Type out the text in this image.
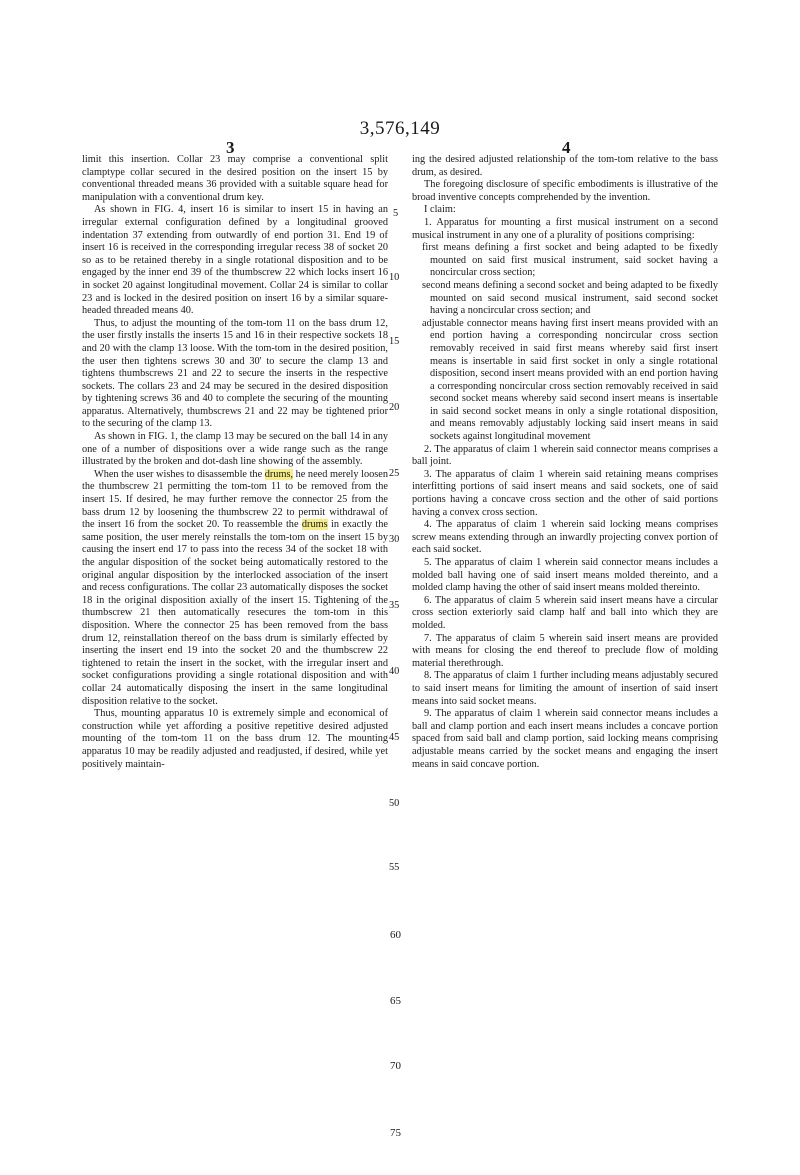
3,576,149
3	4

limit this insertion. Collar 23 may comprise a conventional split clamptype collar secured in the desired position on the insert 15 by conventional threaded means 36 provided with a suitable square head for manipulation with a conventional drum key.

As shown in FIG. 4, insert 16 is similar to insert 15 in having an irregular external configuration defined by a longitudinal grooved indentation 37 extending from outwardly of end portion 31. End 19 of insert 16 is received in the corresponding irregular recess 38 of socket 20 so as to be retained thereby in a single rotational disposition and to be engaged by the inner end 39 of the thumbscrew 22 which locks insert 16 in socket 20 against longitudinal movement. Collar 24 is similar to collar 23 and is locked in the desired position on insert 16 by a similar square-headed threaded means 40.

Thus, to adjust the mounting of the tom-tom 11 on the bass drum 12, the user firstly installs the inserts 15 and 16 in their respective sockets 18 and 20 with the clamp 13 loose. With the tom-tom in the desired position, the user then tightens screws 30 and 30' to secure the clamp 13 and tightens thumbscrews 21 and 22 to secure the inserts in the respective sockets. The collars 23 and 24 may be secured in the desired disposition by tightening screws 36 and 40 to complete the securing of the mounting apparatus. Alternatively, thumbscrews 21 and 22 may be tightened prior to the securing of the clamp 13.

As shown in FIG. 1, the clamp 13 may be secured on the ball 14 in any one of a number of dispositions over a wide range such as the range illustrated by the broken and dot-dash line showing of the assembly.

When the user wishes to disassemble the drums, he need merely loosen the thumbscrew 21 permitting the tom-tom 11 to be removed from the insert 15. If desired, he may further remove the connector 25 from the bass drum 12 by loosening the thumbscrew 22 to permit withdrawal of the insert 16 from the socket 20. To reassemble the drums in exactly the same position, the user merely reinstalls the tom-tom on the insert 15 by causing the insert end 17 to pass into the recess 34 of the socket 18 with the angular disposition of the socket being automatically restored to the original angular disposition by the interlocked association of the insert and recess configurations. The collar 23 automatically disposes the socket 18 in the original disposition axially of the insert 15. Tightening of the thumbscrew 21 then automatically resecures the tom-tom in this disposition. Where the connector 25 has been removed from the bass drum 12, reinstallation thereof on the bass drum is similarly effected by inserting the insert end 19 into the socket 20 and the thumbscrew 22 tightened to retain the insert in the socket, with the irregular insert and socket configurations providing a single rotational disposition and with collar 24 automatically disposing the insert in the same longitudinal disposition relative to the socket.

Thus, mounting apparatus 10 is extremely simple and economical of construction while yet affording a positive repetitive desired adjusted mounting of the tom-tom 11 on the bass drum 12. The mounting apparatus 10 may be readily adjusted and readjusted, if desired, while yet positively maintain-

ing the desired adjusted relationship of the tom-tom relative to the bass drum, as desired.

The foregoing disclosure of specific embodiments is illustrative of the broad inventive concepts comprehended by the invention.

I claim:

1. Apparatus for mounting a first musical instrument on a second musical instrument in any one of a plurality of positions comprising:

first means defining a first socket and being adapted to be fixedly mounted on said first musical instrument, said socket having a noncircular cross section;

second means defining a second socket and being adapted to be fixedly mounted on said second musical instrument, said second socket having a noncircular cross section; and

adjustable connector means having first insert means provided with an end portion having a corresponding noncircular cross section removably received in said first means whereby said first insert means is insertable in said first socket in only a single rotational disposition, second insert means provided with an end portion having a corresponding noncircular cross section removably received in said second socket means whereby said second insert means is insertable in said second socket means in only a single rotational disposition, and means removably adjustably locking said insert means in said sockets against longitudinal movement

2. The apparatus of claim 1 wherein said connector means comprises a ball joint.

3. The apparatus of claim 1 wherein said retaining means comprises interfitting portions of said insert means and said sockets, one of said portions having a concave cross section and the other of said portions having a convex cross section.

4. The apparatus of claim 1 wherein said locking means comprises screw means extending through an inwardly projecting convex portion of each said socket.

5. The apparatus of claim 1 wherein said connector means includes a molded ball having one of said insert means molded thereinto, and a molded clamp having the other of said insert means molded thereinto.

6. The apparatus of claim 5 wherein said insert means have a circular cross section exteriorly said clamp half and ball into which they are molded.

7. The apparatus of claim 5 wherein said insert means are provided with means for closing the end thereof to preclude flow of molding material therethrough.

8. The apparatus of claim 1 further including means adjustably secured to said insert means for limiting the amount of insertion of said insert means into said socket means.

9. The apparatus of claim 1 wherein said connector means includes a ball and clamp portion and each insert means includes a concave portion spaced from said ball and clamp portion, said locking means comprising adjustable means carried by the socket means and engaging the insert means in said concave portion.

5
10
15
20
25
30
35
40
45
50
55
60
65
70
75
